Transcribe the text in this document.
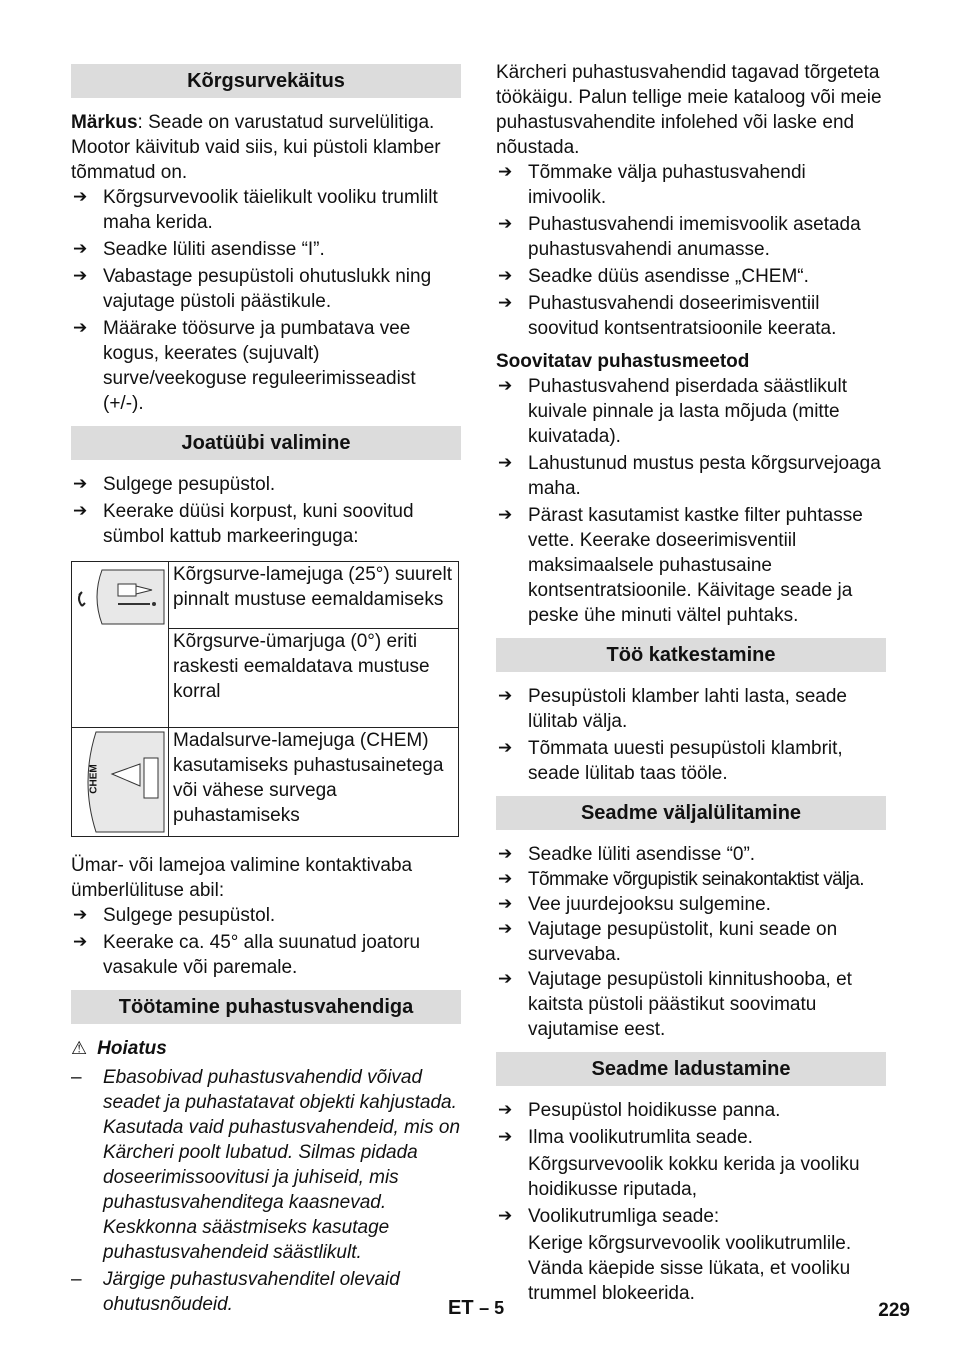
Kõrgsurvekäitus

Märkus: Seade on varustatud survelülitiga. Mootor käivitub vaid siis, kui püstoli klamber tõmmatud on.

➔ Kõrgsurvevoolik täielikult vooliku trumlilt maha kerida.

➔ Seadke lüliti asendisse “I”.

➔ Vabastage pesupüstoli ohutuslukk ning vajutage püstoli päästikule.

➔ Määrake töösurve ja pumbatava vee kogus, keerates (sujuvalt) surve/veekoguse reguleerimisseadist (+/-).

Joatüübi valimine

➔ Sulgege pesupüstol.

➔ Keerake düüsi korpust, kuni soovitud sümbol kattub markeeringuga:

	Kõrgsurve-lamejuga (25°) suurelt pinnalt mustuse eemaldamiseks
	Kõrgsurve-ümarjuga (0°) eriti raskesti eemaldatava mustuse korral

CHEM	Madalsurve-lamejuga (CHEM) kasutamiseks puhastusainetega või vähese survega puhastamiseks

Ümar- või lamejoa valimine kontaktivaba ümberlülituse abil:

➔ Sulgege pesupüstol.

➔ Keerake ca. 45° alla suunatud joatoru vasakule või paremale.

Töötamine puhastusvahendiga

⚠ Hoiatus

– Ebasobivad puhastusvahendid võivad seadet ja puhastatavat objekti kahjustada. Kasutada vaid puhastusvahendeid, mis on Kärcheri poolt lubatud. Silmas pidada doseerimissoovitusi ja juhiseid, mis puhastusvahenditega kaasnevad. Keskkonna säästmiseks kasutage puhastusvahendeid säästlikult.

– Järgige puhastusvahenditel olevaid ohutusnõudeid.

Kärcheri puhastusvahendid tagavad tõrgeteta töökäigu. Palun tellige meie kataloog või meie puhastusvahendite infolehed või laske end nõustada.

➔ Tõmmake välja puhastusvahendi imivoolik.

➔ Puhastusvahendi imemisvoolik asetada puhastusvahendi anumasse.

➔ Seadke düüs asendisse „CHEM“.

➔ Puhastusvahendi doseerimisventiil soovitud kontsentratsioonile keerata.

Soovitatav puhastusmeetod

➔ Puhastusvahend piserdada säästlikult kuivale pinnale ja lasta mõjuda (mitte kuivatada).

➔ Lahustunud mustus pesta kõrgsurvejoaga maha.

➔ Pärast kasutamist kastke filter puhtasse vette. Keerake doseerimisventiil maksimaalsele puhastusaine kontsentratsioonile. Käivitage seade ja peske ühe minuti vältel puhtaks.

Töö katkestamine

➔ Pesupüstoli klamber lahti lasta, seade lülitab välja.

➔ Tõmmata uuesti pesupüstoli klambrit, seade lülitab taas tööle.

Seadme väljalülitamine

➔ Seadke lüliti asendisse “0”.

➔ Tõmmake võrgupistik seinakontaktist välja.

➔ Vee juurdejooksu sulgemine.

➔ Vajutage pesupüstolit, kuni seade on survevaba.

➔ Vajutage pesupüstoli kinnitushooba, et kaitsta püstoli päästikut soovimatu vajutamise eest.

Seadme ladustamine

➔ Pesupüstol hoidikusse panna.

➔ Ilma voolikutrumlita seade.

Kõrgsurvevoolik kokku kerida ja vooliku hoidikusse riputada,

➔ Voolikutrumliga seade:

Kerige kõrgsurvevoolik voolikutrumlile. Vända käepide sisse lükata, et vooliku trummel blokeerida.

ET – 5	229
